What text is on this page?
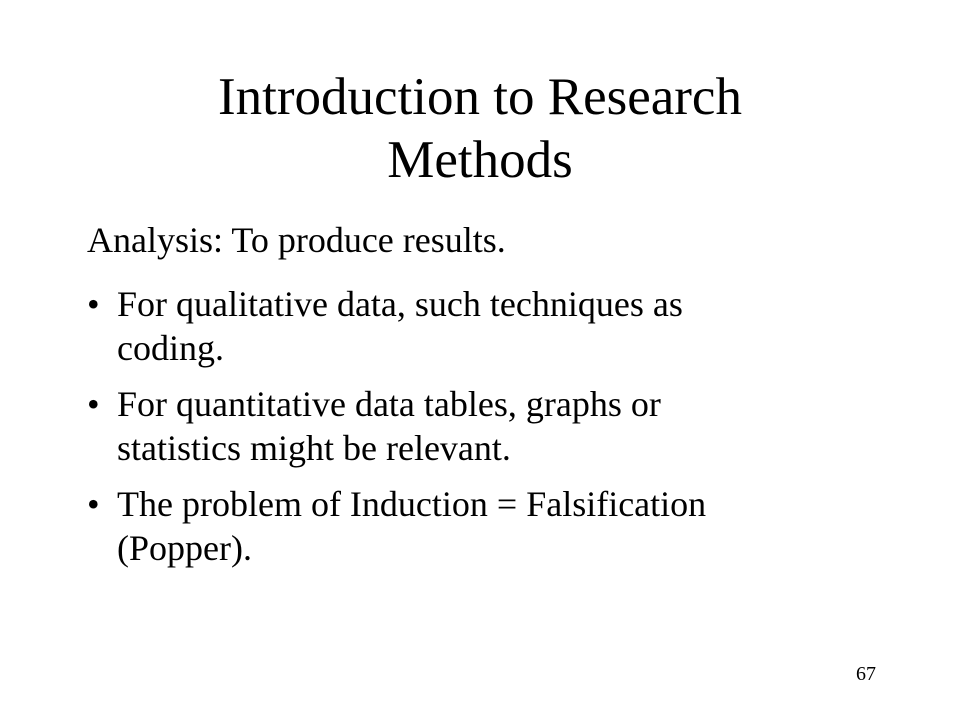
Introduction to Research
Methods

Analysis: To produce results.

• For qualitative data, such techniques as
coding.
• For quantitative data tables, graphs or
statistics might be relevant.
• The problem of Induction = Falsification
(Popper).
67
